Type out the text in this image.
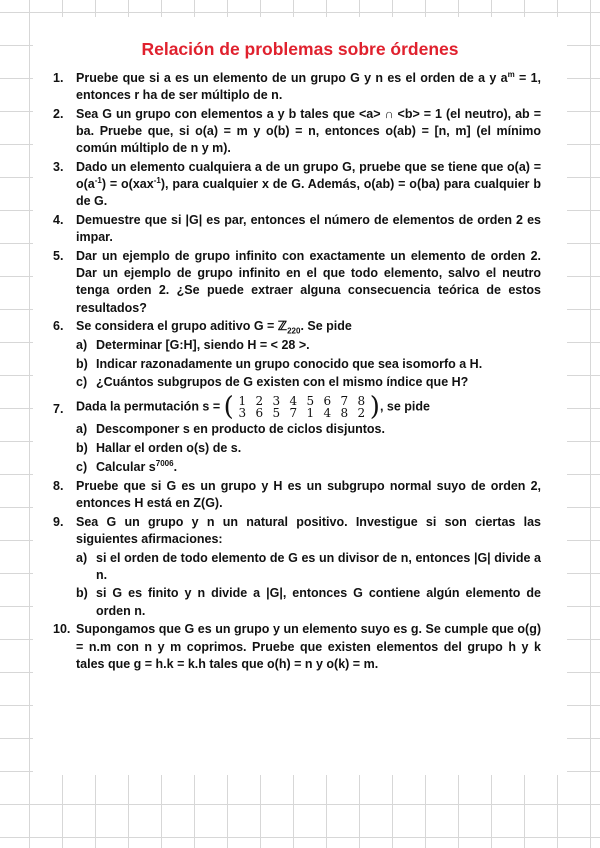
Relación de problemas sobre órdenes
1.	Pruebe que si a es un elemento de un grupo G y n es el orden de a y $a^m = 1$, entonces r ha de ser múltiplo de n.
2.	Sea G un grupo con elementos a y b tales que <a> ∩ <b> = 1 (el neutro), ab = ba. Pruebe que, si o(a) = m y o(b) = n, entonces o(ab) = [n, m] (el mínimo común múltiplo de n y m).
3.	Dado un elemento cualquiera a de un grupo G, pruebe que se tiene que $o(a) = o(a^{-1}) = o(xax^{-1})$, para cualquier x de G. Además, o(ab) = o(ba) para cualquier b de G.
4.	Demuestre que si |G| es par, entonces el número de elementos de orden 2 es impar.
5.	Dar un ejemplo de grupo infinito con exactamente un elemento de orden 2. Dar un ejemplo de grupo infinito en el que todo elemento, salvo el neutro tenga orden 2. ¿Se puede extraer alguna consecuencia teórica de estos resultados?
6.	Se considera el grupo aditivo G = ℤ$_{220}$. Se pide
a) Determinar [G:H], siendo H = < 28 >.
b) Indicar razonadamente un grupo conocido que sea isomorfo a H.
c) ¿Cuántos subgrupos de G existen con el mismo índice que H?
7.	Dada la permutación s = ( 1 2 3 4 5 6 7 8
3 6 5 7 1 4 8 2 ) , se pide
a) Descomponer s en producto de ciclos disjuntos.
b) Hallar el orden o(s) de s.
c) Calcular $s^{7006}$.
8.	Pruebe que si G es un grupo y H es un subgrupo normal suyo de orden 2, entonces H está en Z(G).
9.	Sea G un grupo y n un natural positivo. Investigue si son ciertas las siguientes afirmaciones:
a) si el orden de todo elemento de G es un divisor de n, entonces |G| divide a n.
b) si G es finito y n divide a |G|, entonces G contiene algún elemento de orden n.
10. Supongamos que G es un grupo y un elemento suyo es g. Se cumple que o(g) = n.m con n y m coprimos. Pruebe que existen elementos del grupo h y k tales que g = h.k = k.h tales que o(h) = n y o(k) = m.
